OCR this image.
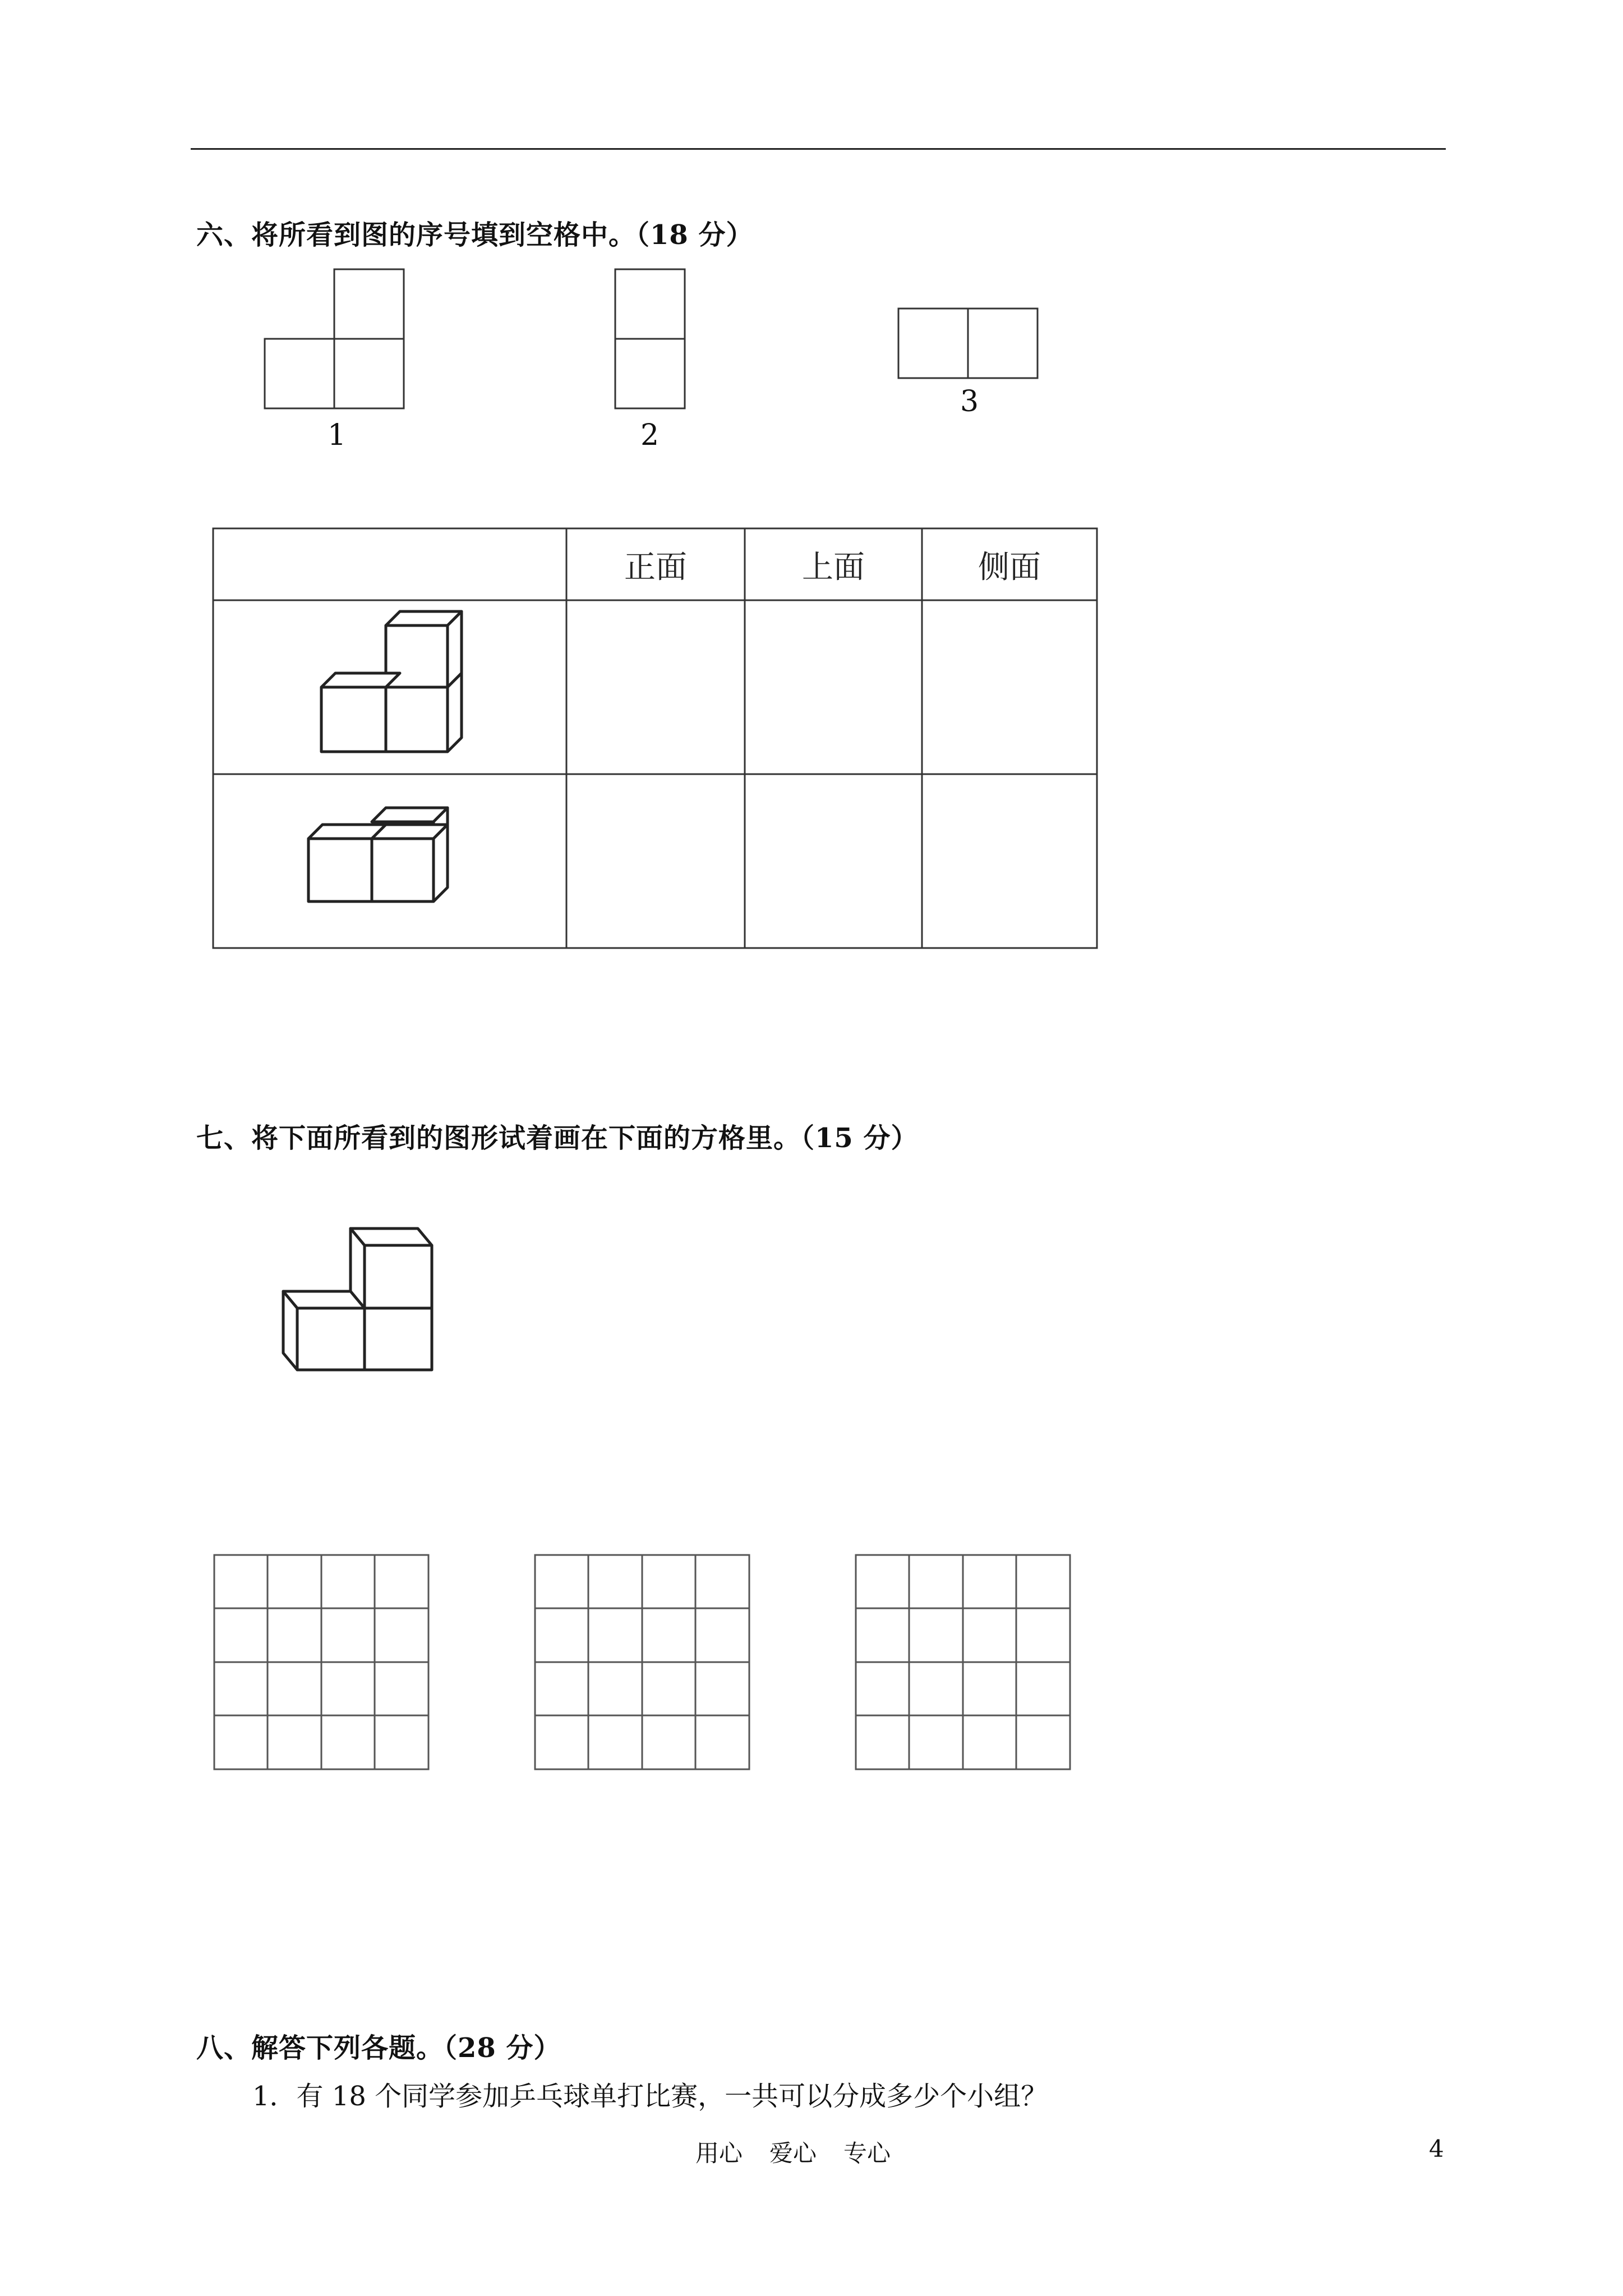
六、将所看到图的序号填到空格中。（18 分）
1	2
3
正面	上面	侧面
七、将下面所看到的图形试着画在下面的方格里。（15 分）
八、解答下列各题。（28 分）
1．有 18 个同学参加乒乓球单打比赛，一共可以分成多少个小组？
用心 爱心 专心	4
